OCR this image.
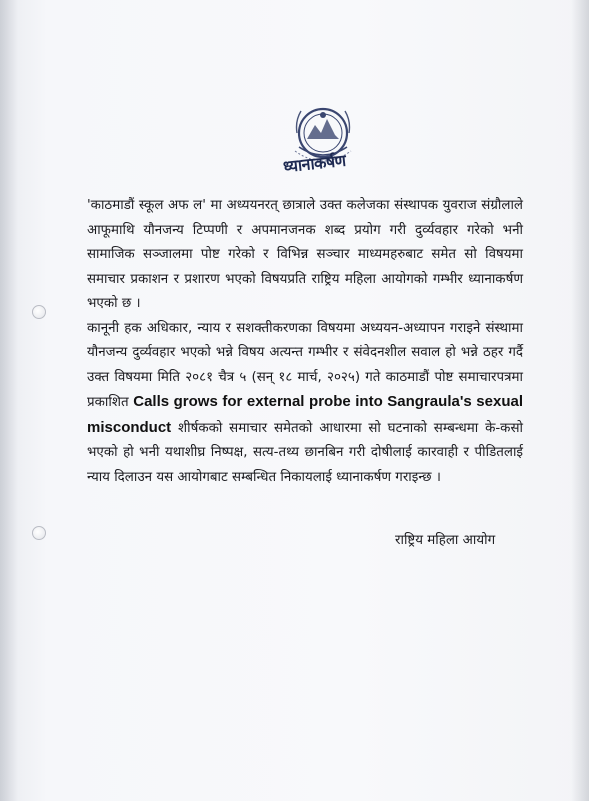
ध्यानाकर्षण

'काठमाडौं स्कूल अफ ल' मा अध्ययनरत् छात्राले उक्त कलेजका संस्थापक युवराज संग्रौलाले आफूमाथि यौनजन्य टिप्पणी र अपमानजनक शब्द प्रयोग गरी दुर्व्यवहार गरेको भनी सामाजिक सञ्जालमा पोष्ट गरेको र विभिन्न सञ्चार माध्यमहरुबाट समेत सो विषयमा समाचार प्रकाशन र प्रशारण भएको विषयप्रति राष्ट्रिय महिला आयोगको गम्भीर ध्यानाकर्षण भएको छ ।

कानूनी हक अधिकार, न्याय र सशक्तीकरणका विषयमा अध्ययन-अध्यापन गराइने संस्थामा यौनजन्य दुर्व्यवहार भएको भन्ने विषय अत्यन्त गम्भीर र संवेदनशील सवाल हो भन्ने ठहर गर्दै उक्त विषयमा मिति २०८१ चैत्र ५ (सन् १८ मार्च, २०२५) गते काठमाडौं पोष्ट समाचारपत्रमा प्रकाशित Calls grows for external probe into Sangraula's sexual misconduct शीर्षकको समाचार समेतको आधारमा सो घटनाको सम्बन्धमा के-कसो भएको हो भनी यथाशीघ्र निष्पक्ष, सत्य-तथ्य छानबिन गरी दोषीलाई कारवाही र पीडितलाई न्याय दिलाउन यस आयोगबाट सम्बन्धित निकायलाई ध्यानाकर्षण गराइन्छ ।

राष्ट्रिय महिला आयोग
